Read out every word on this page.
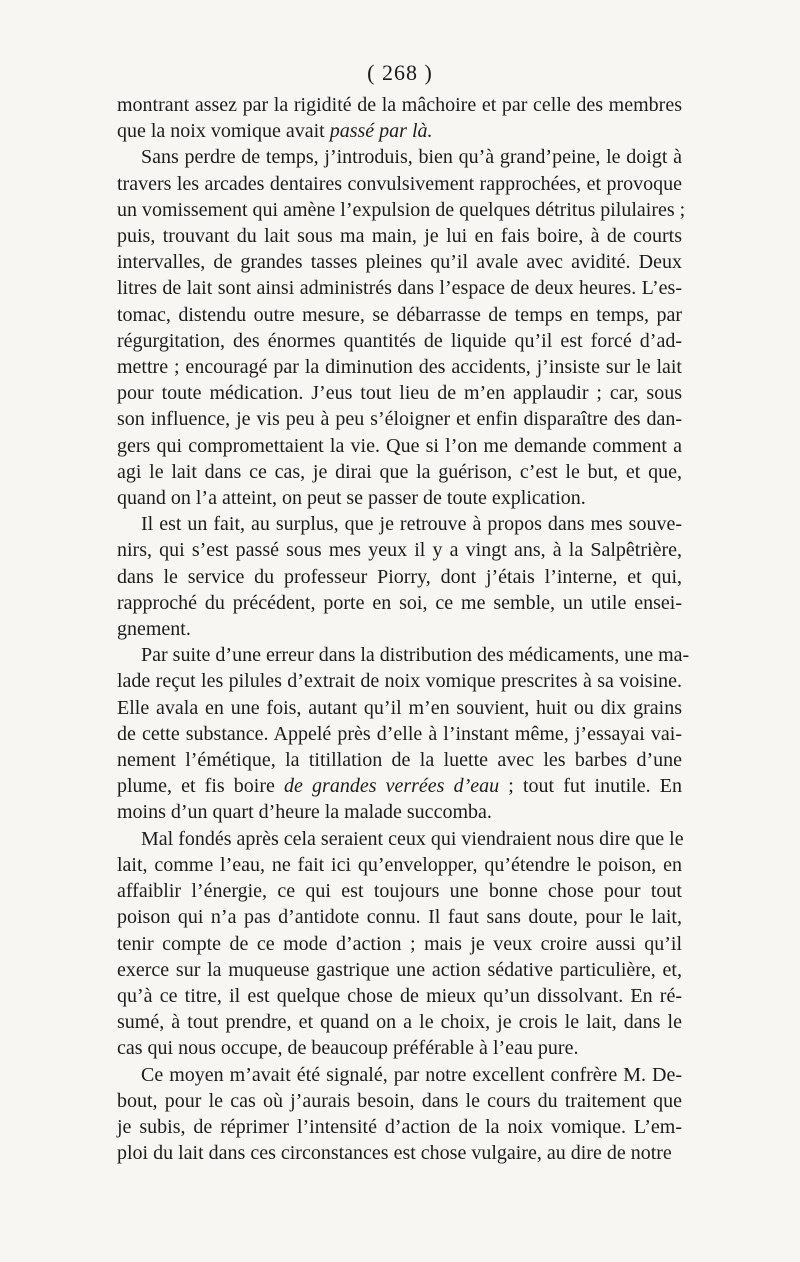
( 268 )
montrant assez par la rigidité de la mâchoire et par celle des membres
que la noix vomique avait passé par là.
Sans perdre de temps, j’introduis, bien qu’à grand’peine, le doigt à
travers les arcades dentaires convulsivement rapprochées, et provoque
un vomissement qui amène l’expulsion de quelques détritus pilulaires ;
puis, trouvant du lait sous ma main, je lui en fais boire, à de courts
intervalles, de grandes tasses pleines qu’il avale avec avidité. Deux
litres de lait sont ainsi administrés dans l’espace de deux heures. L’es-
tomac, distendu outre mesure, se débarrasse de temps en temps, par
régurgitation, des énormes quantités de liquide qu’il est forcé d’ad-
mettre ; encouragé par la diminution des accidents, j’insiste sur le lait
pour toute médication. J’eus tout lieu de m’en applaudir ; car, sous
son influence, je vis peu à peu s’éloigner et enfin disparaître des dan-
gers qui compromettaient la vie. Que si l’on me demande comment a
agi le lait dans ce cas, je dirai que la guérison, c’est le but, et que,
quand on l’a atteint, on peut se passer de toute explication.
Il est un fait, au surplus, que je retrouve à propos dans mes souve-
nirs, qui s’est passé sous mes yeux il y a vingt ans, à la Salpêtrière,
dans le service du professeur Piorry, dont j’étais l’interne, et qui,
rapproché du précédent, porte en soi, ce me semble, un utile ensei-
gnement.
Par suite d’une erreur dans la distribution des médicaments, une ma-
lade reçut les pilules d’extrait de noix vomique prescrites à sa voisine.
Elle avala en une fois, autant qu’il m’en souvient, huit ou dix grains
de cette substance. Appelé près d’elle à l’instant même, j’essayai vai-
nement l’émétique, la titillation de la luette avec les barbes d’une
plume, et fis boire de grandes verrées d’eau ; tout fut inutile. En
moins d’un quart d’heure la malade succomba.
Mal fondés après cela seraient ceux qui viendraient nous dire que le
lait, comme l’eau, ne fait ici qu’envelopper, qu’étendre le poison, en
affaiblir l’énergie, ce qui est toujours une bonne chose pour tout
poison qui n’a pas d’antidote connu. Il faut sans doute, pour le lait,
tenir compte de ce mode d’action ; mais je veux croire aussi qu’il
exerce sur la muqueuse gastrique une action sédative particulière, et,
qu’à ce titre, il est quelque chose de mieux qu’un dissolvant. En ré-
sumé, à tout prendre, et quand on a le choix, je crois le lait, dans le
cas qui nous occupe, de beaucoup préférable à l’eau pure.
Ce moyen m’avait été signalé, par notre excellent confrère M. De-
bout, pour le cas où j’aurais besoin, dans le cours du traitement que
je subis, de réprimer l’intensité d’action de la noix vomique. L’em-
ploi du lait dans ces circonstances est chose vulgaire, au dire de notre
